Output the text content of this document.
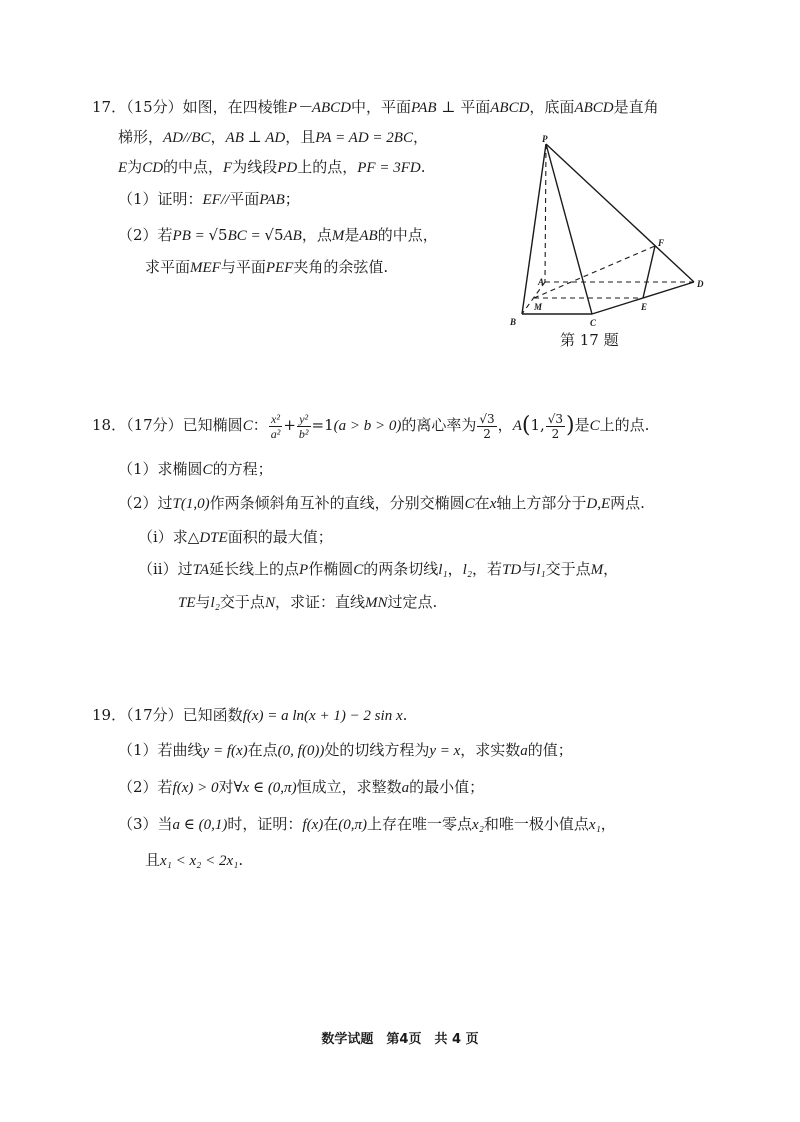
17．（15分）如图，在四棱锥P－ABCD中，平面PAB ⊥ 平面ABCD，底面ABCD是直角
梯形，AD//BC，AB ⊥ AD，且PA = AD = 2BC，
E为CD的中点，F为线段PD上的点，PF = 3FD.
（1）证明：EF//平面PAB；
（2）若PB = √5BC = √5AB，点M是AB的中点，
求平面MEF与平面PEF夹角的余弦值.
P
A
B	C
D
E
F
M
第 17 题
18．（17分）已知椭圆C： $\frac{\text{x²}}{\text{a²}} + \frac{\text{y²}}{\text{b²}} =1(a > b > 0)$的离心率为 $\frac{√3}{2}$ ，A(1, $\frac{√3}{2}$ )是C上的点.
（1）求椭圆C的方程；
（2）过T(1,0)作两条倾斜角互补的直线，分别交椭圆C在x轴上方部分于D,E两点.
（i）求△DTE面积的最大值；
（ii）过TA延长线上的点P作椭圆C的两条切线l₁，l₂，若TD与l₁交于点M，
TE与l₂交于点N，求证：直线MN过定点.
19．（17分）已知函数f(x) = a ln(x + 1) − 2 sin x.
（1）若曲线y = f(x)在点(0, f(0))处的切线方程为y = x，求实数a的值；
（2）若f(x) > 0对∀x ∈ (0,π)恒成立，求整数a的最小值；
（3）当a ∈ (0,1)时，证明：f(x)在(0,π)上存在唯一零点x₂和唯一极小值点x₁，
且x₁ < x₂ < 2x₁.
数学试题　第4页　共 4 页
